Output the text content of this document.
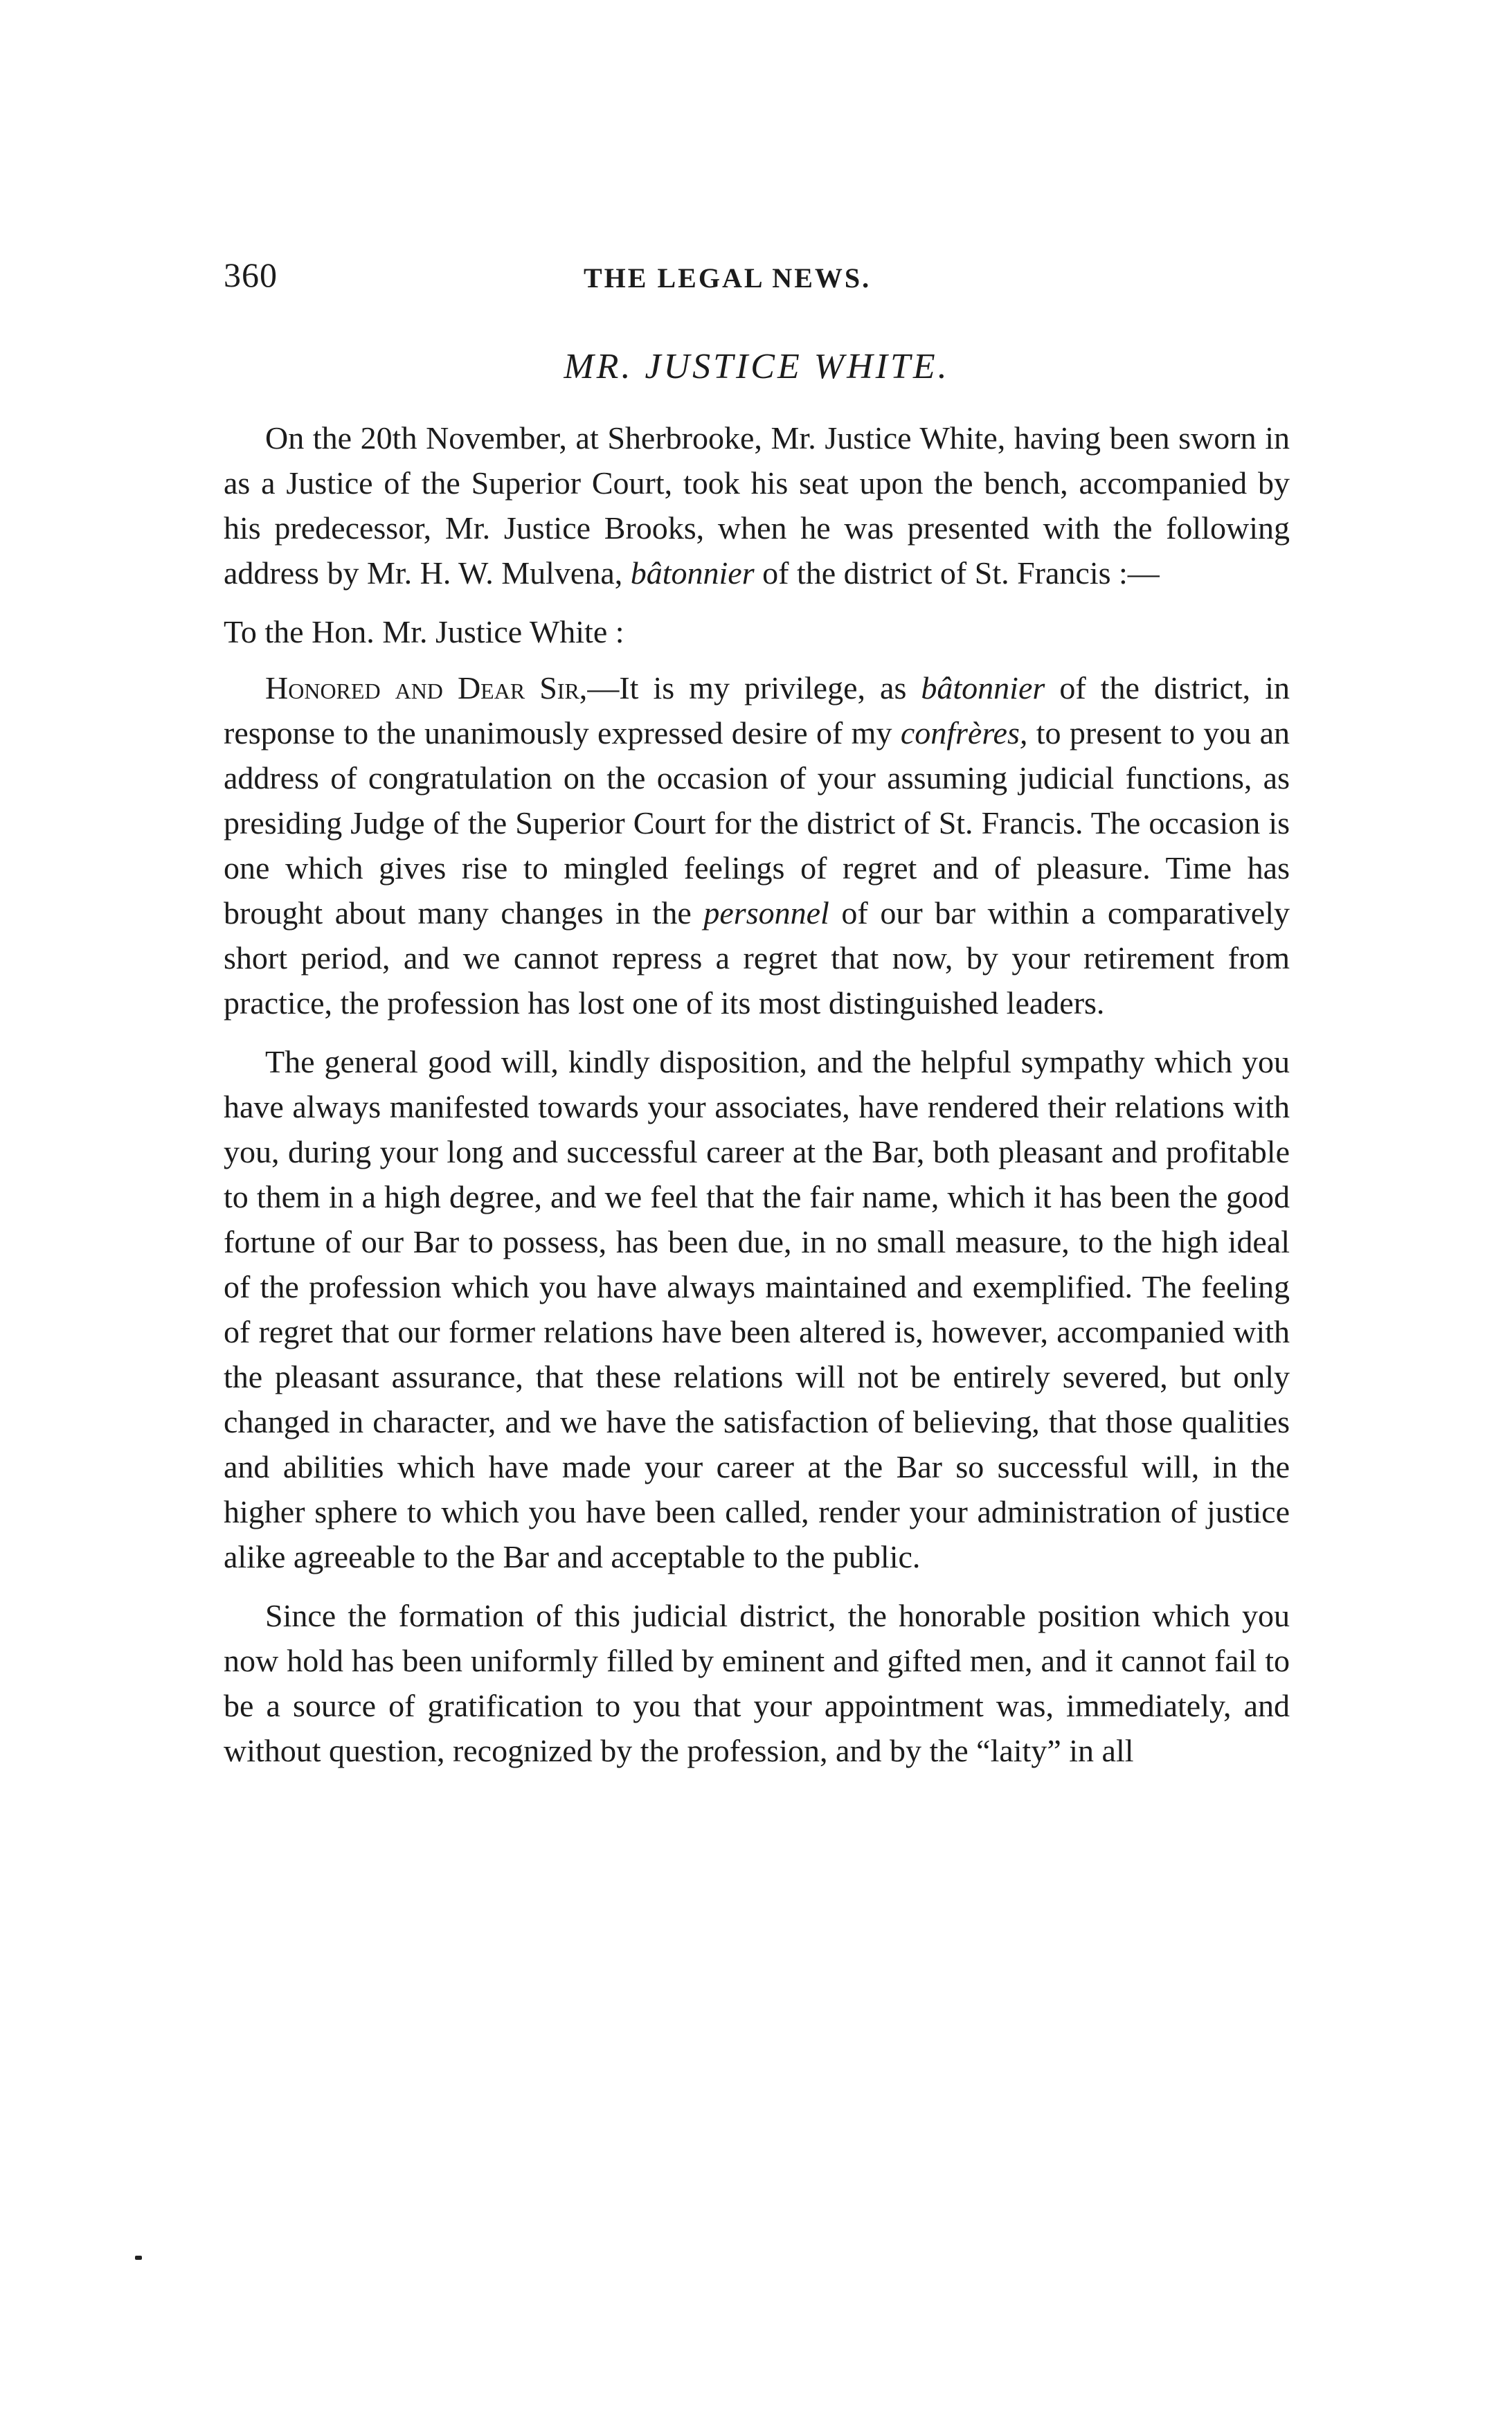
360	THE LEGAL NEWS.
MR. JUSTICE WHITE.

On the 20th November, at Sherbrooke, Mr. Justice White, having been sworn in as a Justice of the Superior Court, took his seat upon the bench, accompanied by his predecessor, Mr. Justice Brooks, when he was presented with the following address by Mr. H. W. Mulvena, bâtonnier of the district of St. Francis :—

To the Hon. Mr. Justice White :

Honored and Dear Sir,—It is my privilege, as bâtonnier of the district, in response to the unanimously expressed desire of my confrères, to present to you an address of congratulation on the occasion of your assuming judicial functions, as presiding Judge of the Superior Court for the district of St. Francis. The occasion is one which gives rise to mingled feelings of regret and of pleasure. Time has brought about many changes in the personnel of our bar within a comparatively short period, and we cannot repress a regret that now, by your retirement from practice, the profession has lost one of its most distinguished leaders.

The general good will, kindly disposition, and the helpful sympathy which you have always manifested towards your associates, have rendered their relations with you, during your long and successful career at the Bar, both pleasant and profitable to them in a high degree, and we feel that the fair name, which it has been the good fortune of our Bar to possess, has been due, in no small measure, to the high ideal of the profession which you have always maintained and exemplified. The feeling of regret that our former relations have been altered is, however, accompanied with the pleasant assurance, that these relations will not be entirely severed, but only changed in character, and we have the satisfaction of believing, that those qualities and abilities which have made your career at the Bar so successful will, in the higher sphere to which you have been called, render your administration of justice alike agreeable to the Bar and acceptable to the public.

Since the formation of this judicial district, the honorable position which you now hold has been uniformly filled by eminent and gifted men, and it cannot fail to be a source of gratification to you that your appointment was, immediately, and without question, recognized by the profession, and by the “laity” in all
